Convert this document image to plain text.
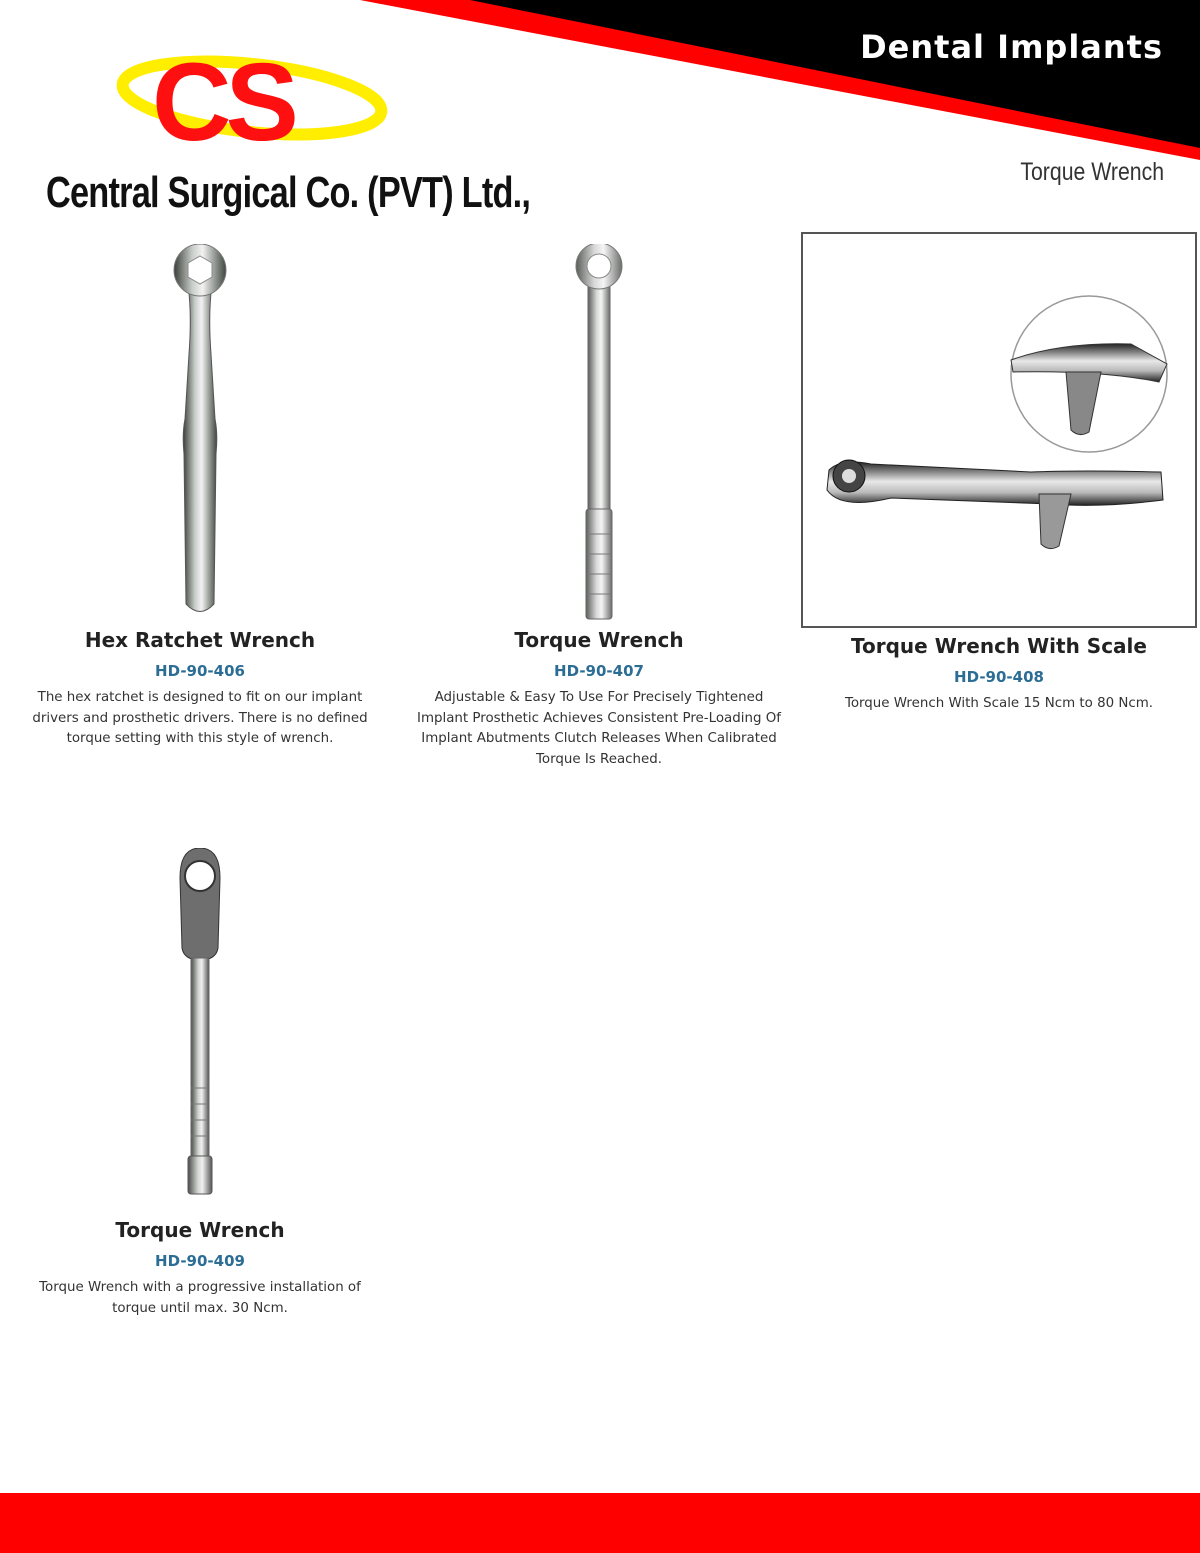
Dental Implants
CS
Central Surgical Co. (PVT) Ltd.,	Torque Wrench
Hex Ratchet Wrench
HD-90-406
The hex ratchet is designed to fit on our implant drivers and prosthetic drivers. There is no defined torque setting with this style of wrench.
Torque Wrench
HD-90-407
Adjustable & Easy To Use For Precisely Tightened Implant Prosthetic Achieves Consistent Pre-Loading Of Implant Abutments Clutch Releases When Calibrated Torque Is Reached.
Torque Wrench With Scale
HD-90-408
Torque Wrench With Scale 15 Ncm to 80 Ncm.
Torque Wrench
HD-90-409
Torque Wrench with a progressive installation of torque until max. 30 Ncm.
